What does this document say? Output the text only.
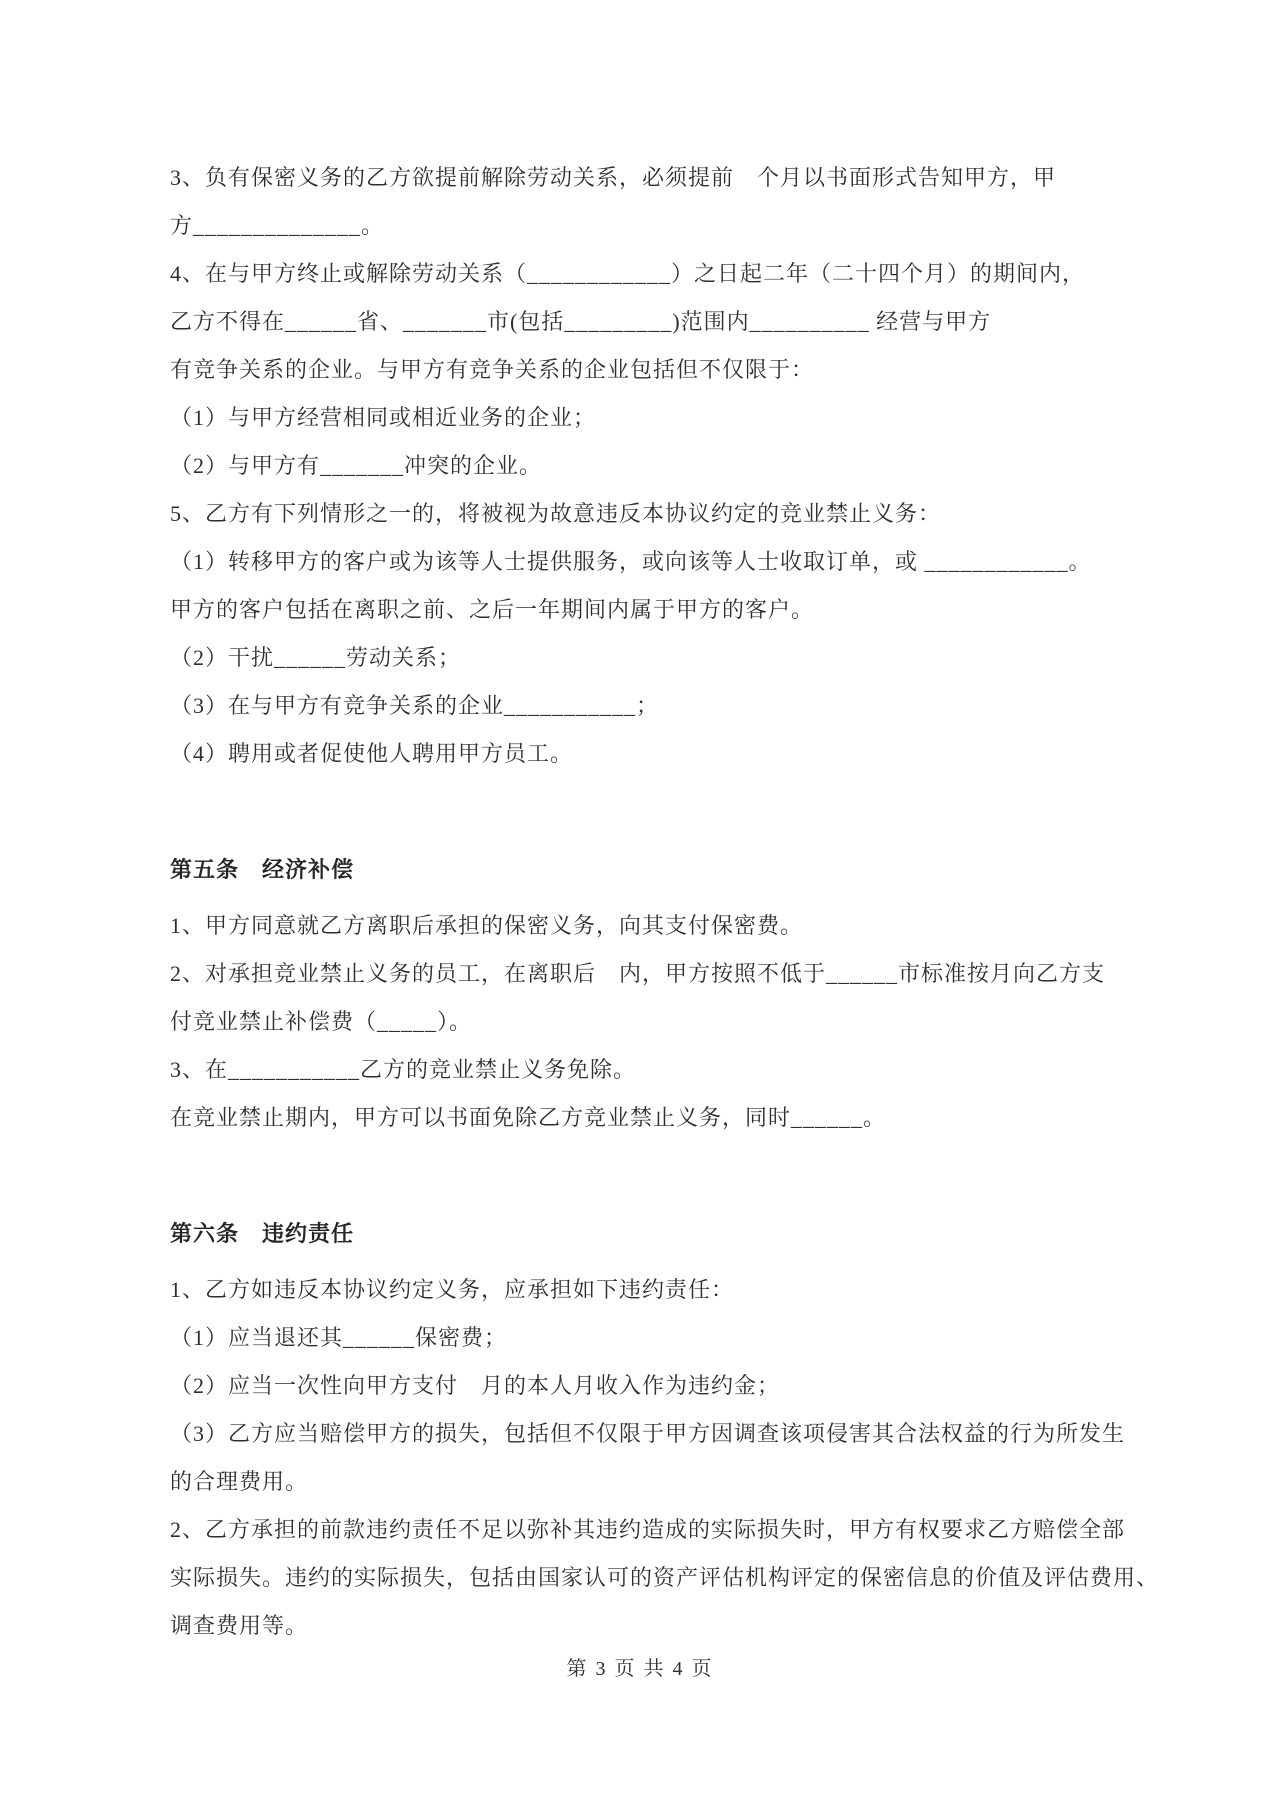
3、负有保密义务的乙方欲提前解除劳动关系，必须提前　个月以书面形式告知甲方，甲
方______________。
4、在与甲方终止或解除劳动关系（____________）之日起二年（二十四个月）的期间内，
乙方不得在______省、_______市(包括_________)范围内__________ 经营与甲方
有竞争关系的企业。与甲方有竞争关系的企业包括但不仅限于：
（1）与甲方经营相同或相近业务的企业；
（2）与甲方有_______冲突的企业。
5、乙方有下列情形之一的，将被视为故意违反本协议约定的竞业禁止义务：
（1）转移甲方的客户或为该等人士提供服务，或向该等人士收取订单，或 ____________。
甲方的客户包括在离职之前、之后一年期间内属于甲方的客户。
（2）干扰______劳动关系；
（3）在与甲方有竞争关系的企业___________；
（4）聘用或者促使他人聘用甲方员工。
第五条　经济补偿
1、甲方同意就乙方离职后承担的保密义务，向其支付保密费。
2、对承担竞业禁止义务的员工，在离职后　内，甲方按照不低于______市标准按月向乙方支
付竞业禁止补偿费（_____）。
3、在___________乙方的竞业禁止义务免除。
在竞业禁止期内，甲方可以书面免除乙方竞业禁止义务，同时______。
第六条　违约责任
1、乙方如违反本协议约定义务，应承担如下违约责任：
（1）应当退还其______保密费；
（2）应当一次性向甲方支付　月的本人月收入作为违约金；
（3）乙方应当赔偿甲方的损失，包括但不仅限于甲方因调查该项侵害其合法权益的行为所发生
的合理费用。
2、乙方承担的前款违约责任不足以弥补其违约造成的实际损失时，甲方有权要求乙方赔偿全部
实际损失。违约的实际损失，包括由国家认可的资产评估机构评定的保密信息的价值及评估费用、
调查费用等。
第 3 页 共 4 页
